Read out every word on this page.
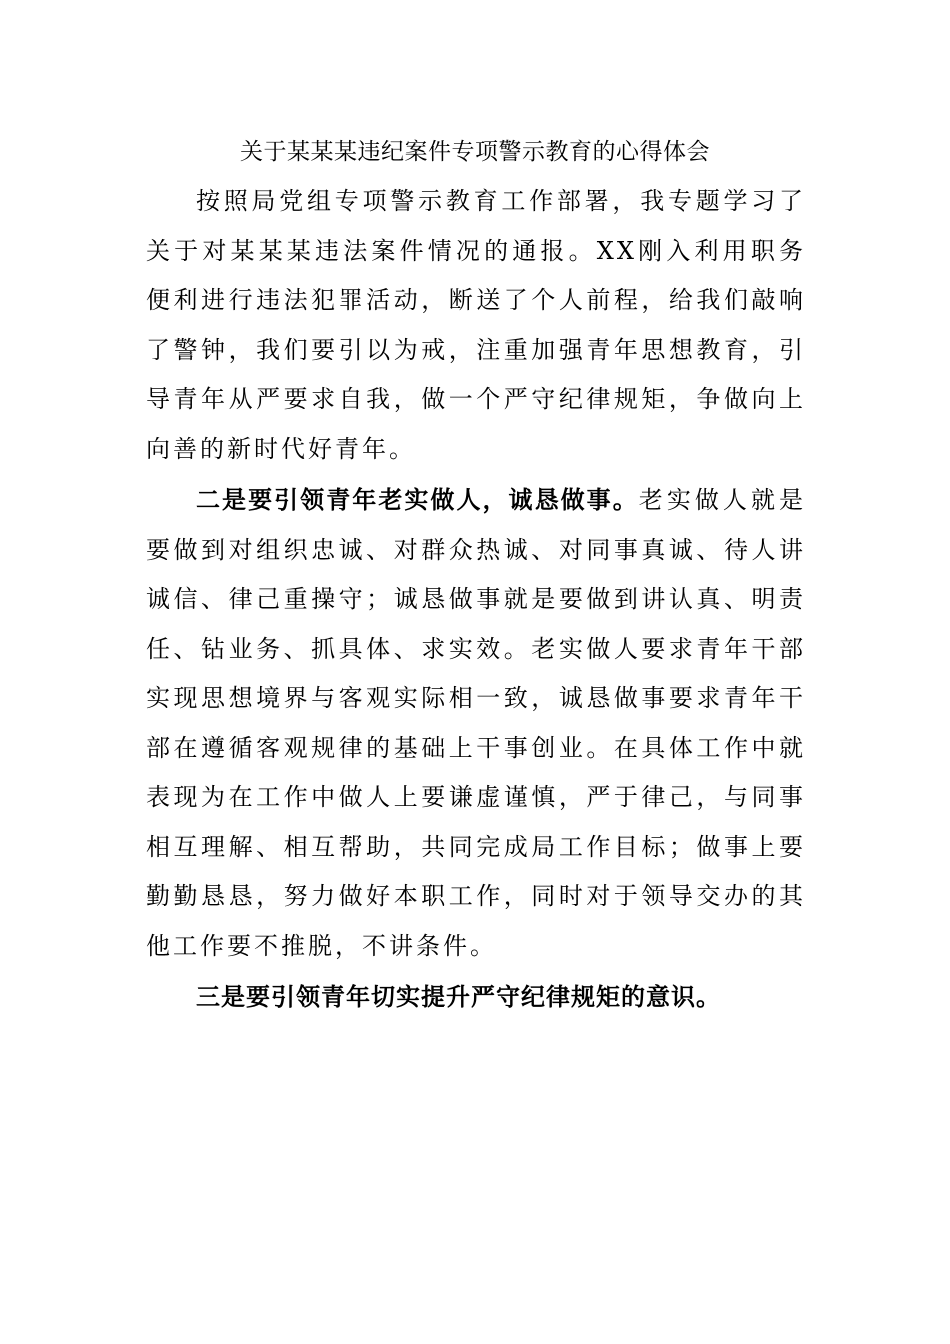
关于某某某违纪案件专项警示教育的心得体会

按照局党组专项警示教育工作部署，我专题学习了关于对某某某违法案件情况的通报。XX刚入利用职务便利进行违法犯罪活动，断送了个人前程，给我们敲响了警钟，我们要引以为戒，注重加强青年思想教育，引导青年从严要求自我，做一个严守纪律规矩，争做向上向善的新时代好青年。

二是要引领青年老实做人，诚恳做事。老实做人就是要做到对组织忠诚、对群众热诚、对同事真诚、待人讲诚信、律己重操守；诚恳做事就是要做到讲认真、明责任、钻业务、抓具体、求实效。老实做人要求青年干部实现思想境界与客观实际相一致，诚恳做事要求青年干部在遵循客观规律的基础上干事创业。在具体工作中就表现为在工作中做人上要谦虚谨慎，严于律己，与同事相互理解、相互帮助，共同完成局工作目标；做事上要勤勤恳恳，努力做好本职工作，同时对于领导交办的其他工作要不推脱，不讲条件。

三是要引领青年切实提升严守纪律规矩的意识。
